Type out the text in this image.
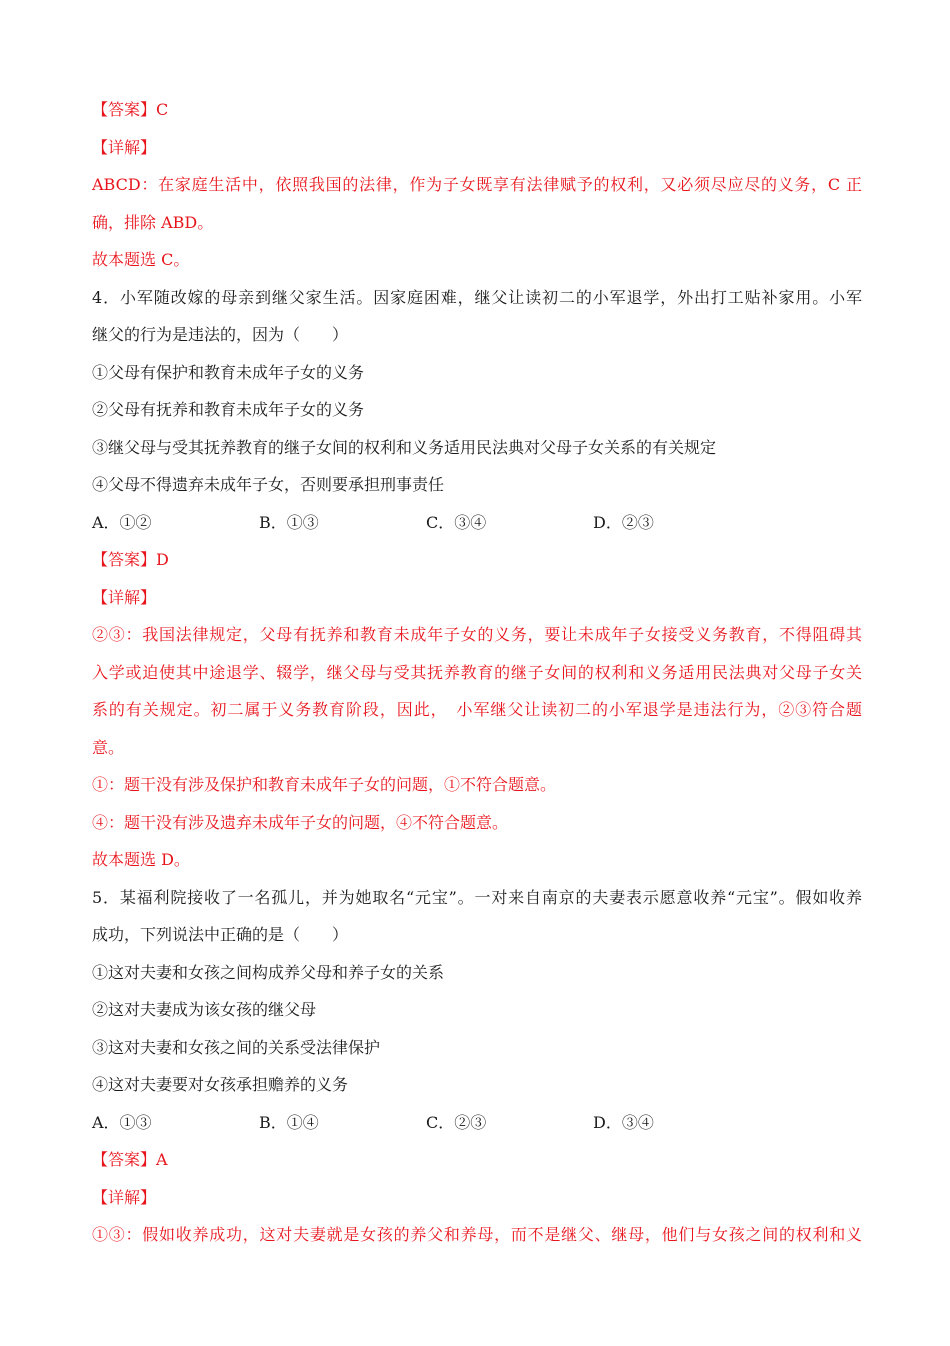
【答案】C
【详解】
ABCD：在家庭生活中，依照我国的法律，作为子女既享有法律赋予的权利，又必须尽应尽的义务，C 正
确，排除 ABD。
故本题选 C。
4．小军随改嫁的母亲到继父家生活。因家庭困难，继父让读初二的小军退学，外出打工贴补家用。小军
继父的行为是违法的，因为（　　）
①父母有保护和教育未成年子女的义务
②父母有抚养和教育未成年子女的义务
③继父母与受其抚养教育的继子女间的权利和义务适用民法典对父母子女关系的有关规定
④父母不得遗弃未成年子女，否则要承担刑事责任
A．①②	B．①③	C．③④	D．②③
【答案】D
【详解】
②③：我国法律规定，父母有抚养和教育未成年子女的义务，要让未成年子女接受义务教育，不得阻碍其
入学或迫使其中途退学、辍学，继父母与受其抚养教育的继子女间的权利和义务适用民法典对父母子女关
系的有关规定。初二属于义务教育阶段，因此，　小军继父让读初二的小军退学是违法行为，②③符合题
意。
①：题干没有涉及保护和教育未成年子女的问题，①不符合题意。
④：题干没有涉及遗弃未成年子女的问题，④不符合题意。
故本题选 D。
5．某福利院接收了一名孤儿，并为她取名“元宝”。一对来自南京的夫妻表示愿意收养“元宝”。假如收养
成功，下列说法中正确的是（　　）
①这对夫妻和女孩之间构成养父母和养子女的关系
②这对夫妻成为该女孩的继父母
③这对夫妻和女孩之间的关系受法律保护
④这对夫妻要对女孩承担赡养的义务
A．①③	B．①④	C．②③	D．③④
【答案】A
【详解】
①③：假如收养成功，这对夫妻就是女孩的养父和养母，而不是继父、继母，他们与女孩之间的权利和义
